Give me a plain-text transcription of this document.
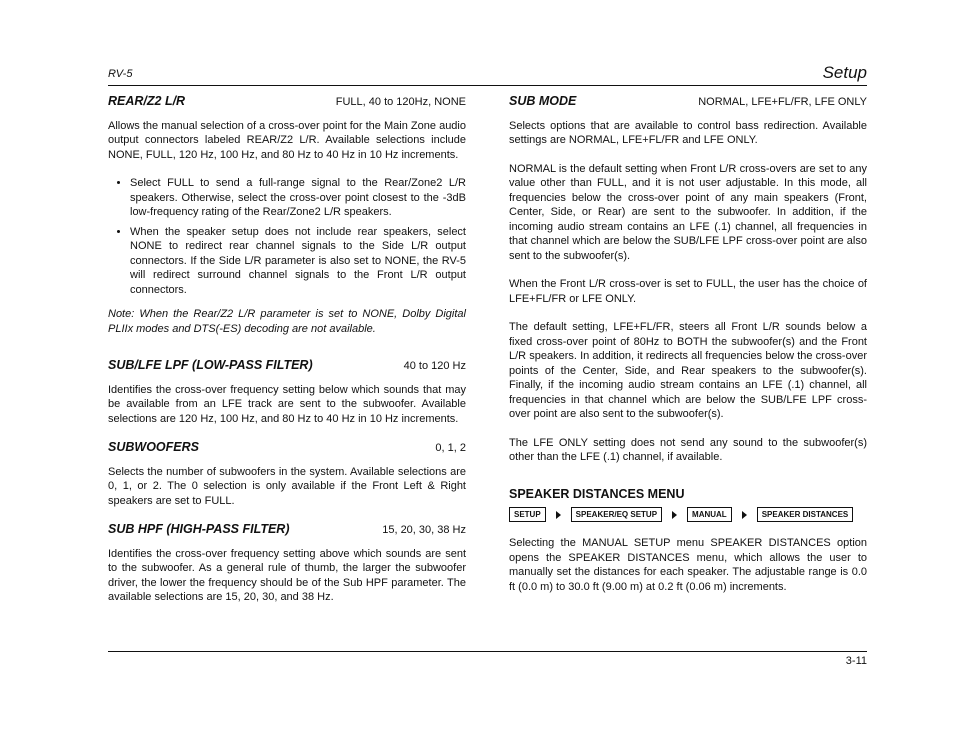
RV-5	Setup
REAR/Z2 L/R	FULL, 40 to 120Hz, NONE

Allows the manual selection of a cross-over point for the Main Zone audio output connectors labeled REAR/Z2 L/R. Available selections include NONE, FULL, 120 Hz, 100 Hz, and 80 Hz to 40 Hz in 10 Hz increments.

• Select FULL to send a full-range signal to the Rear/Zone2 L/R speakers. Otherwise, select the cross-over point closest to the -3dB low-frequency rating of the Rear/Zone2 L/R speakers.
• When the speaker setup does not include rear speakers, select NONE to redirect rear channel signals to the Side L/R output connectors. If the Side L/R parameter is also set to NONE, the RV-5 will redirect surround channel signals to the Front L/R output connectors.

Note: When the Rear/Z2 L/R parameter is set to NONE, Dolby Digital PLIIx modes and DTS(-ES) decoding are not available.

SUB/LFE LPF (LOW-PASS FILTER)	40 to 120 Hz

Identifies the cross-over frequency setting below which sounds that may be available from an LFE track are sent to the subwoofer. Available selections are 120 Hz, 100 Hz, and 80 Hz to 40 Hz in 10 Hz increments.

SUBWOOFERS	0, 1, 2

Selects the number of subwoofers in the system. Available selections are 0, 1, or 2. The 0 selection is only available if the Front Left & Right speakers are set to FULL.

SUB HPF (HIGH-PASS FILTER)	15, 20, 30, 38 Hz

Identifies the cross-over frequency setting above which sounds are sent to the subwoofer. As a general rule of thumb, the larger the subwoofer driver, the lower the frequency should be of the Sub HPF parameter. The available selections are 15, 20, 30, and 38 Hz.

SUB MODE	NORMAL, LFE+FL/FR, LFE ONLY

Selects options that are available to control bass redirection. Available settings are NORMAL, LFE+FL/FR and LFE ONLY.

NORMAL is the default setting when Front L/R cross-overs are set to any value other than FULL, and it is not user adjustable. In this mode, all frequencies below the cross-over point of any main speakers (Front, Center, Side, or Rear) are sent to the subwoofer. In addition, if the incoming audio stream contains an LFE (.1) channel, all frequencies in that channel which are below the SUB/LFE LPF cross-over point are also sent to the subwoofer(s).

When the Front L/R cross-over is set to FULL, the user has the choice of LFE+FL/FR or LFE ONLY.

The default setting, LFE+FL/FR, steers all Front L/R sounds below a fixed cross-over point of 80Hz to BOTH the subwoofer(s) and the Front L/R speakers. In addition, it redirects all frequencies below the cross-over points of the Center, Side, and Rear speakers to the subwoofer(s). Finally, if the incoming audio stream contains an LFE (.1) channel, all frequencies in that channel which are below the SUB/LFE LPF cross-over point are also sent to the subwoofer(s).

The LFE ONLY setting does not send any sound to the subwoofer(s) other than the LFE (.1) channel, if available.

SPEAKER DISTANCES MENU
SETUP	SPEAKER/EQ SETUP	MANUAL	SPEAKER DISTANCES

Selecting the MANUAL SETUP menu SPEAKER DISTANCES option opens the SPEAKER DISTANCES menu, which allows the user to manually set the distances for each speaker. The adjustable range is 0.0 ft (0.0 m) to 30.0 ft (9.00 m) at 0.2 ft (0.06 m) increments.

3-11
